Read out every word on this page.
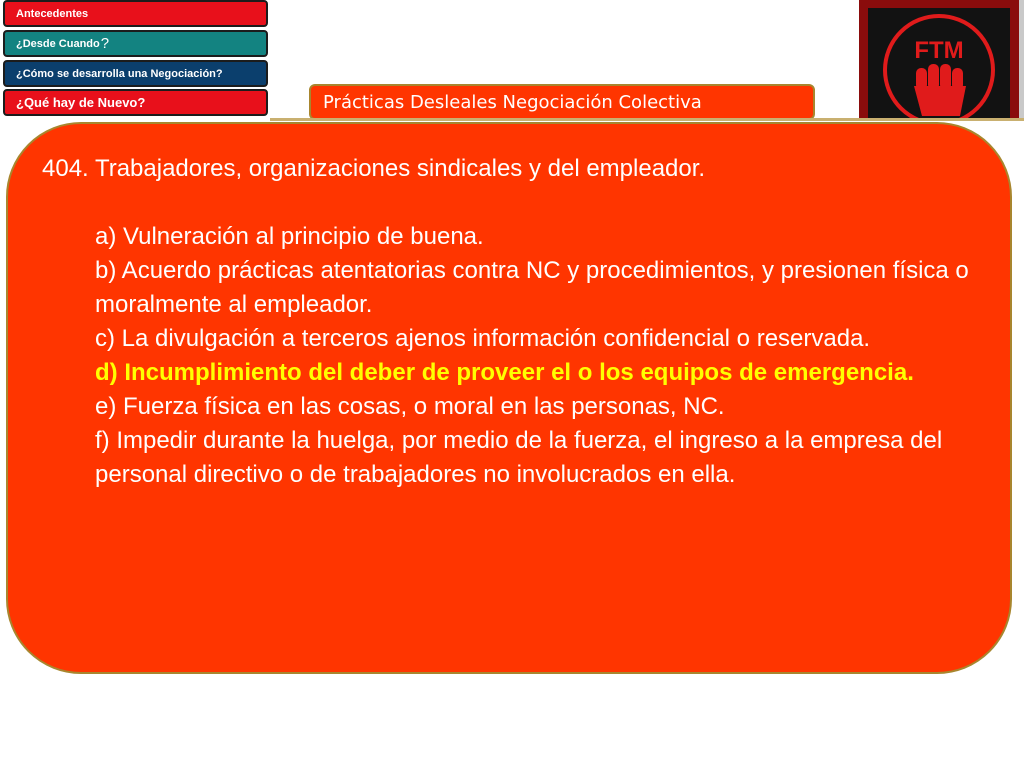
Antecedentes
¿Desde Cuando ?
¿Cómo se desarrolla una Negociación?
¿Qué hay de Nuevo?	Prácticas Desleales Negociación Colectiva
FTM

404. Trabajadores, organizaciones sindicales y del empleador.

a) Vulneración al principio de buena.

b) Acuerdo prácticas atentatorias contra NC y procedimientos, y presionen física o moralmente al empleador.

c) La divulgación a terceros ajenos información confidencial o reservada.

d) Incumplimiento del deber de proveer el o los equipos de emergencia.

e) Fuerza física en las cosas, o moral en las personas, NC.

f) Impedir durante la huelga, por medio de la fuerza, el ingreso a la empresa del personal directivo o de trabajadores no involucrados en ella.
